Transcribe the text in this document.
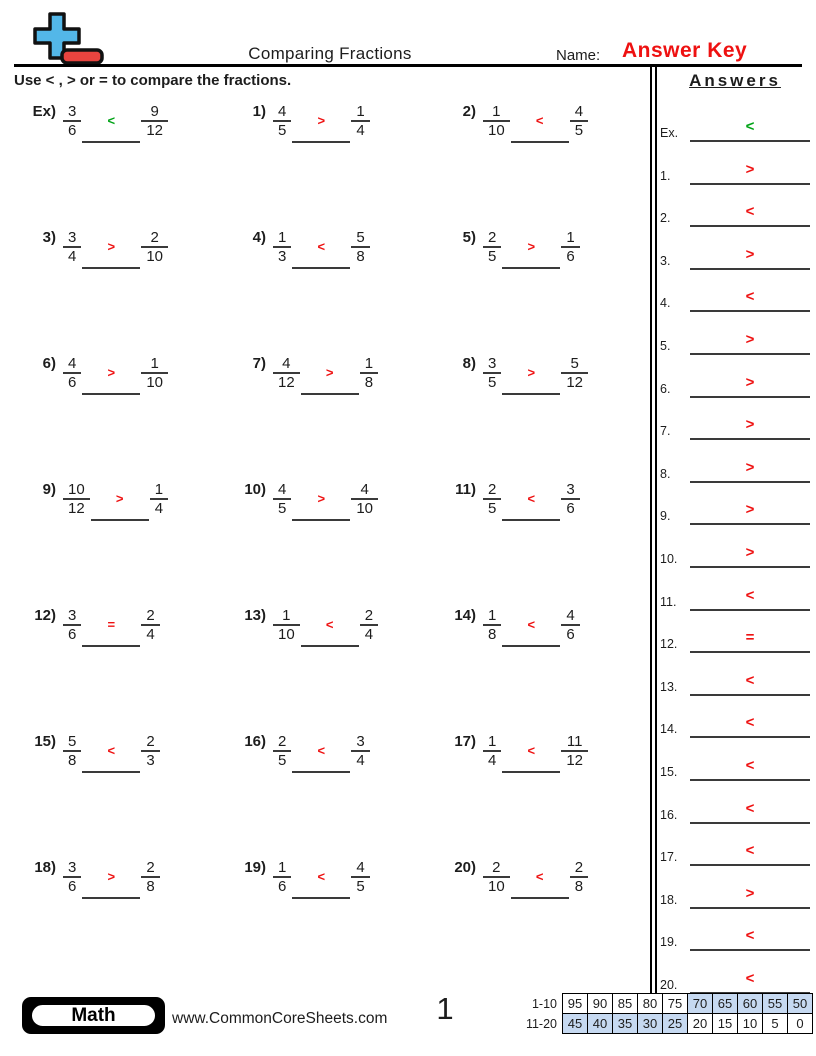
Comparing Fractions	Name: Answer Key
Use < , > or = to compare the fractions.
$Ex) \frac{3}{6}$	<	$\frac{9}{12}$	$1) \frac{4}{5}$	>	$\frac{1}{4}$	$2) \frac{1}{10}$	<	$\frac{4}{5}$
$3) \frac{3}{4}$	>	$\frac{2}{10}$	$4) \frac{1}{3}$	<	$\frac{5}{8}$	$5) \frac{2}{5}$	>	$\frac{1}{6}$
$6) \frac{4}{6}$	>	$\frac{1}{10}$	$7) \frac{4}{12}$	>	$\frac{1}{8}$	$8) \frac{3}{5}$	>	$\frac{5}{12}$
$9) \frac{10}{12}$	>	$\frac{1}{4}$	$10) \frac{4}{5}$	>	$\frac{4}{10}$	$11) \frac{2}{5}$	<	$\frac{3}{6}$
$12) \frac{3}{6}$	=	$\frac{2}{4}$	$13) \frac{1}{10}$	<	$\frac{2}{4}$	$14) \frac{1}{8}$	<	$\frac{4}{6}$
$15) \frac{5}{8}$	<	$\frac{2}{3}$	$16) \frac{2}{5}$	<	$\frac{3}{4}$	$17) \frac{1}{4}$	<	$\frac{11}{12}$
$18) \frac{3}{6}$	>	$\frac{2}{8}$	$19) \frac{1}{6}$	<	$\frac{4}{5}$	$20) \frac{2}{10}$	<	$\frac{2}{8}$
Answers
Ex.	<
1.	>
2.	<
3.	>
4.	<
5.	>
6.	>
7.	>
8.	>
9.	>
10.	>
11.	<
12.	=
13.	<
14.	<
15.	<
16.	<
17.	<
18.	>
19.	<
20.	<
Math	www.CommonCoreSheets.com	1	1-10	95	90	85	80	75	70	65	60	55	50
11-20	45	40	35	30	25	20	15	10	5	0
